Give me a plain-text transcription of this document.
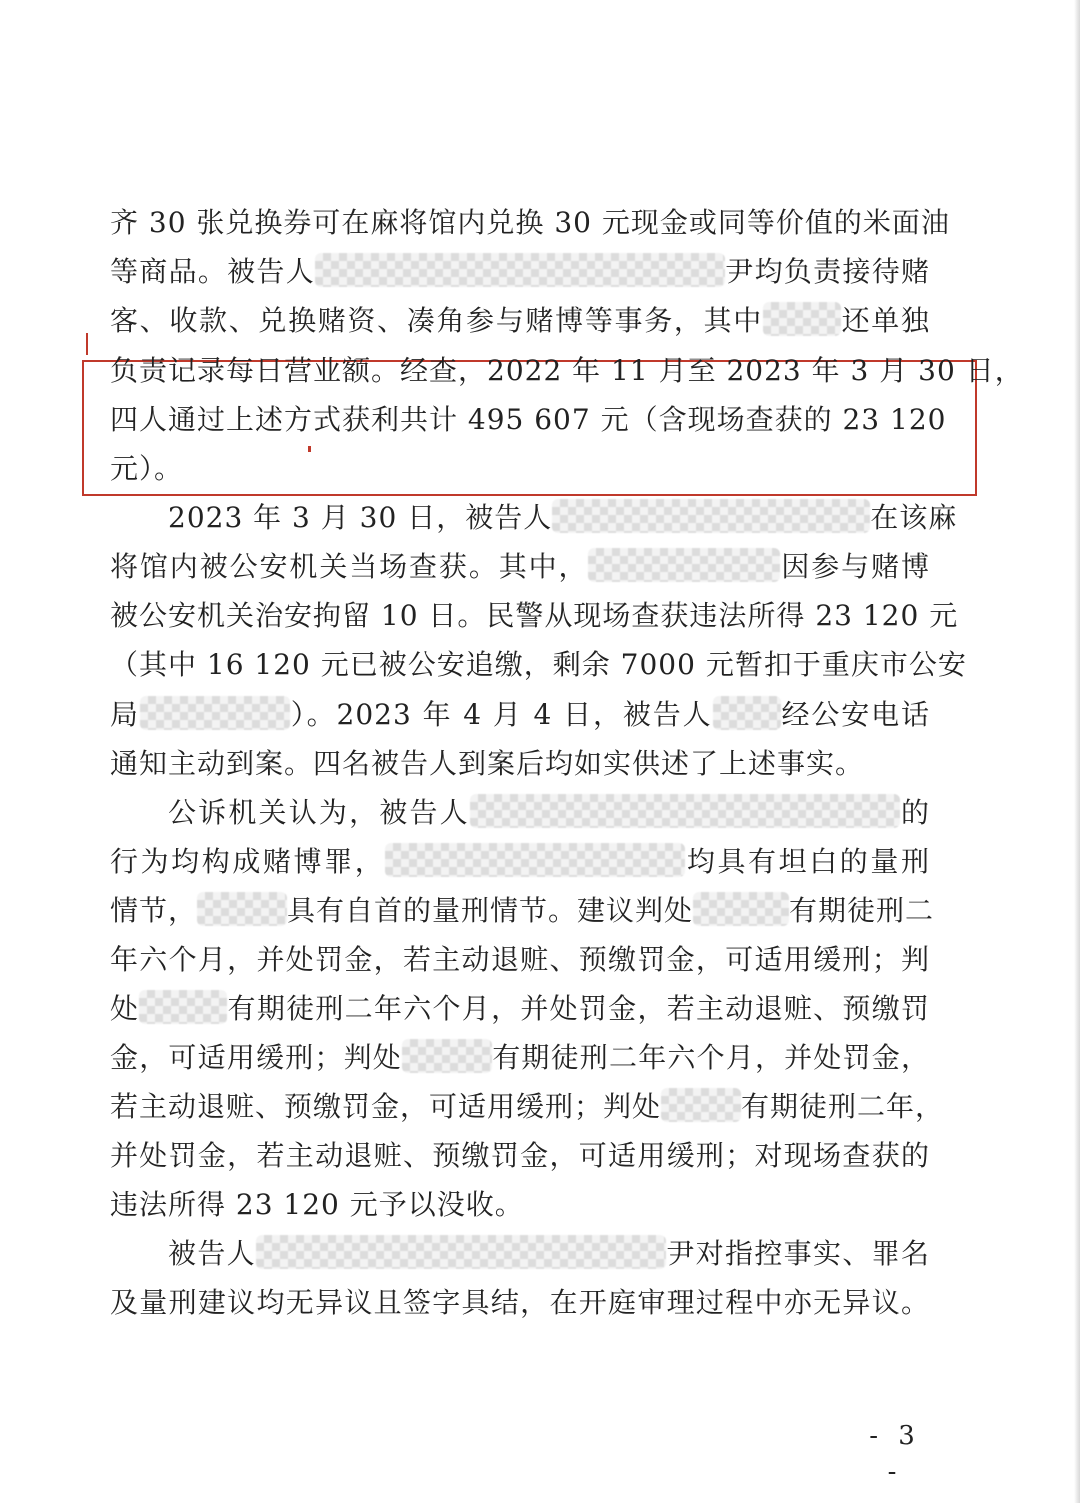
齐 30 张兑换券可在麻将馆内兑换 30 元现金或同等价值的米面油
等商品。被告人	尹均负责接待赌
客、收款、兑换赌资、凑角参与赌博等事务，其中	还单独
负责记录每日营业额。经查，2022 年 11 月至 2023 年 3 月 30 日，
四人通过上述方式获利共计 495 607 元（含现场查获的 23 120
元）。
2023 年 3 月 30 日，被告人	在该麻
将馆内被公安机关当场查获。其中，	因参与赌博
被公安机关治安拘留 10 日。民警从现场查获违法所得 23 120 元
（其中 16 120 元已被公安追缴，剩余 7000 元暂扣于重庆市公安
局	）。2023 年 4 月 4 日，被告人 经公安电话
通知主动到案。四名被告人到案后均如实供述了上述事实。
公诉机关认为，被告人	的
行为均构成赌博罪，	均具有坦白的量刑
情节，	具有自首的量刑情节。建议判处	有期徒刑二
年六个月，并处罚金，若主动退赃、预缴罚金，可适用缓刑；判
处	有期徒刑二年六个月，并处罚金，若主动退赃、预缴罚
金，可适用缓刑；判处	有期徒刑二年六个月，并处罚金，
若主动退赃、预缴罚金，可适用缓刑；判处	有期徒刑二年，
并处罚金，若主动退赃、预缴罚金，可适用缓刑；对现场查获的
违法所得 23 120 元予以没收。
被告人	尹对指控事实、罪名
及量刑建议均无异议且签字具结，在开庭审理过程中亦无异议。
- 3 -
